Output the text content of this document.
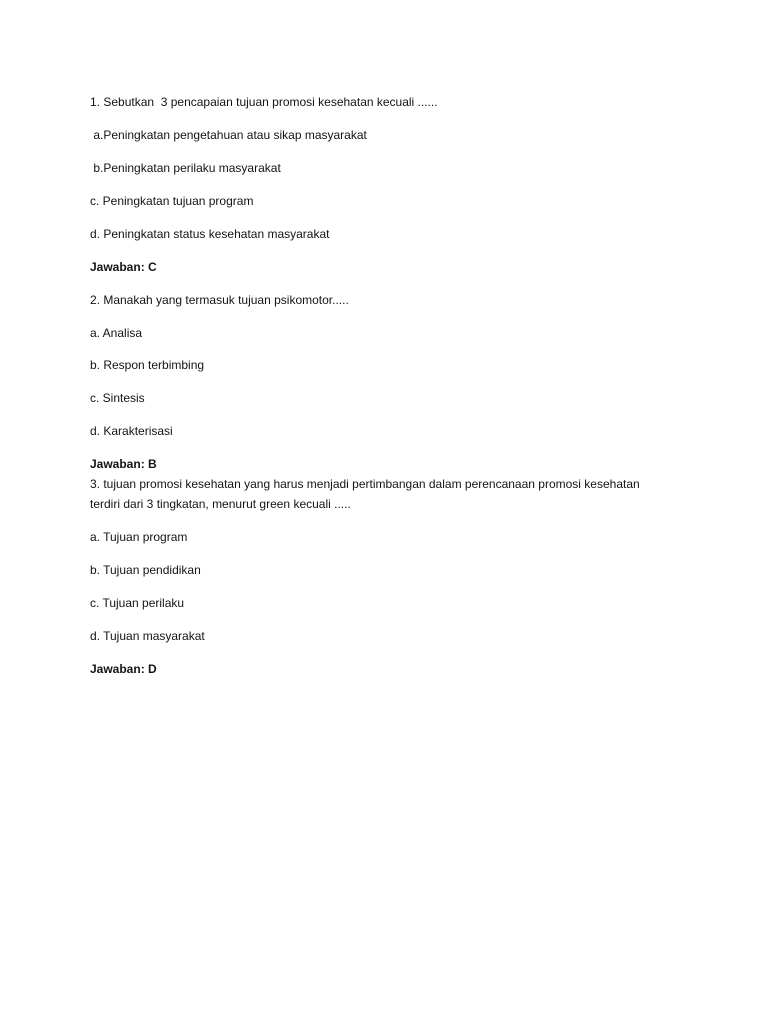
1. Sebutkan  3 pencapaian tujuan promosi kesehatan kecuali ......

a.Peningkatan pengetahuan atau sikap masyarakat

b.Peningkatan perilaku masyarakat

c. Peningkatan tujuan program

d. Peningkatan status kesehatan masyarakat

Jawaban: C

2. Manakah yang termasuk tujuan psikomotor.....

a. Analisa

b. Respon terbimbing

c. Sintesis

d. Karakterisasi

Jawaban: B

3. tujuan promosi kesehatan yang harus menjadi pertimbangan dalam perencanaan promosi kesehatan

terdiri dari 3 tingkatan, menurut green kecuali .....

a. Tujuan program

b. Tujuan pendidikan

c. Tujuan perilaku

d. Tujuan masyarakat

Jawaban: D
